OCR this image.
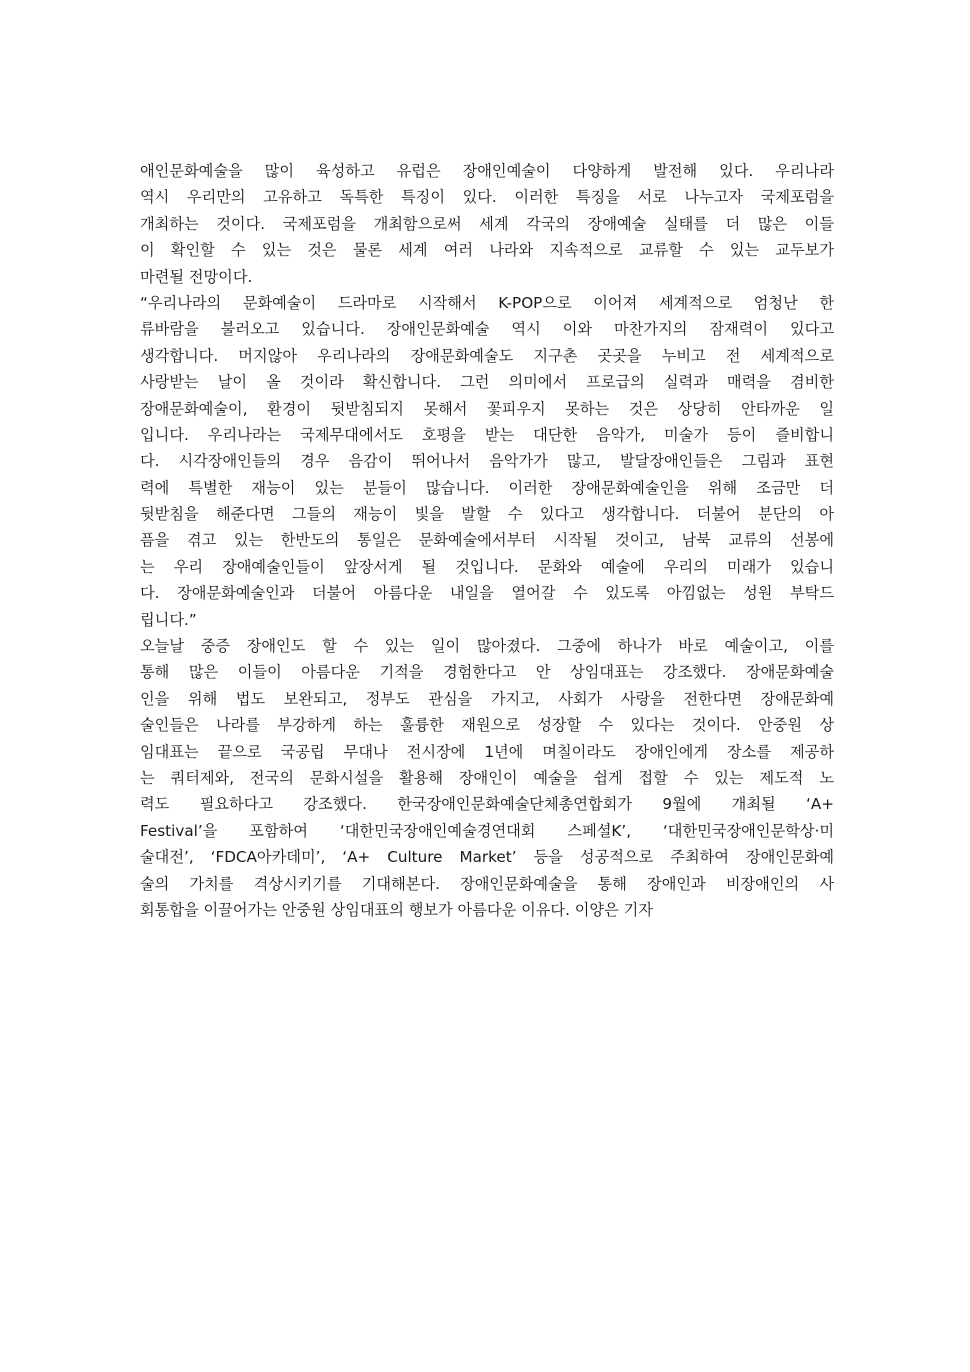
애인문화예술을 많이 육성하고 유럽은 장애인예술이 다양하게 발전해 있다. 우리나라
역시 우리만의 고유하고 독특한 특징이 있다. 이러한 특징을 서로 나누고자 국제포럼을
개최하는 것이다. 국제포럼을 개최함으로써 세계 각국의 장애예술 실태를 더 많은 이들
이 확인할 수 있는 것은 물론 세계 여러 나라와 지속적으로 교류할 수 있는 교두보가
마련될 전망이다.
“우리나라의 문화예술이 드라마로 시작해서 K-POP으로 이어져 세계적으로 엄청난 한
류바람을 불러오고 있습니다. 장애인문화예술 역시 이와 마찬가지의 잠재력이 있다고
생각합니다. 머지않아 우리나라의 장애문화예술도 지구촌 곳곳을 누비고 전 세계적으로
사랑받는 날이 올 것이라 확신합니다. 그런 의미에서 프로급의 실력과 매력을 겸비한
장애문화예술이, 환경이 뒷받침되지 못해서 꽃피우지 못하는 것은 상당히 안타까운 일
입니다. 우리나라는 국제무대에서도 호평을 받는 대단한 음악가, 미술가 등이 즐비합니
다. 시각장애인들의 경우 음감이 뛰어나서 음악가가 많고, 발달장애인들은 그림과 표현
력에 특별한 재능이 있는 분들이 많습니다. 이러한 장애문화예술인을 위해 조금만 더
뒷받침을 해준다면 그들의 재능이 빛을 발할 수 있다고 생각합니다. 더불어 분단의 아
픔을 겪고 있는 한반도의 통일은 문화예술에서부터 시작될 것이고, 남북 교류의 선봉에
는 우리 장애예술인들이 앞장서게 될 것입니다. 문화와 예술에 우리의 미래가 있습니
다. 장애문화예술인과 더불어 아름다운 내일을 열어갈 수 있도록 아낌없는 성원 부탁드
립니다.”
오늘날 중증 장애인도 할 수 있는 일이 많아졌다. 그중에 하나가 바로 예술이고, 이를
통해 많은 이들이 아름다운 기적을 경험한다고 안 상임대표는 강조했다. 장애문화예술
인을 위해 법도 보완되고, 정부도 관심을 가지고, 사회가 사랑을 전한다면 장애문화예
술인들은 나라를 부강하게 하는 훌륭한 재원으로 성장할 수 있다는 것이다. 안중원 상
임대표는 끝으로 국공립 무대나 전시장에 1년에 며칠이라도 장애인에게 장소를 제공하
는 쿼터제와, 전국의 문화시설을 활용해 장애인이 예술을 쉽게 접할 수 있는 제도적 노
력도 필요하다고 강조했다. 한국장애인문화예술단체총연합회가 9월에 개최될 ‘A+
Festival’을 포함하여 ‘대한민국장애인예술경연대회 스페셜K’, ‘대한민국장애인문학상·미
술대전’, ‘FDCA아카데미’, ‘A+ Culture Market’ 등을 성공적으로 주최하여 장애인문화예
술의 가치를 격상시키기를 기대해본다. 장애인문화예술을 통해 장애인과 비장애인의 사
회통합을 이끌어가는 안중원 상임대표의 행보가 아름다운 이유다. 이양은 기자
